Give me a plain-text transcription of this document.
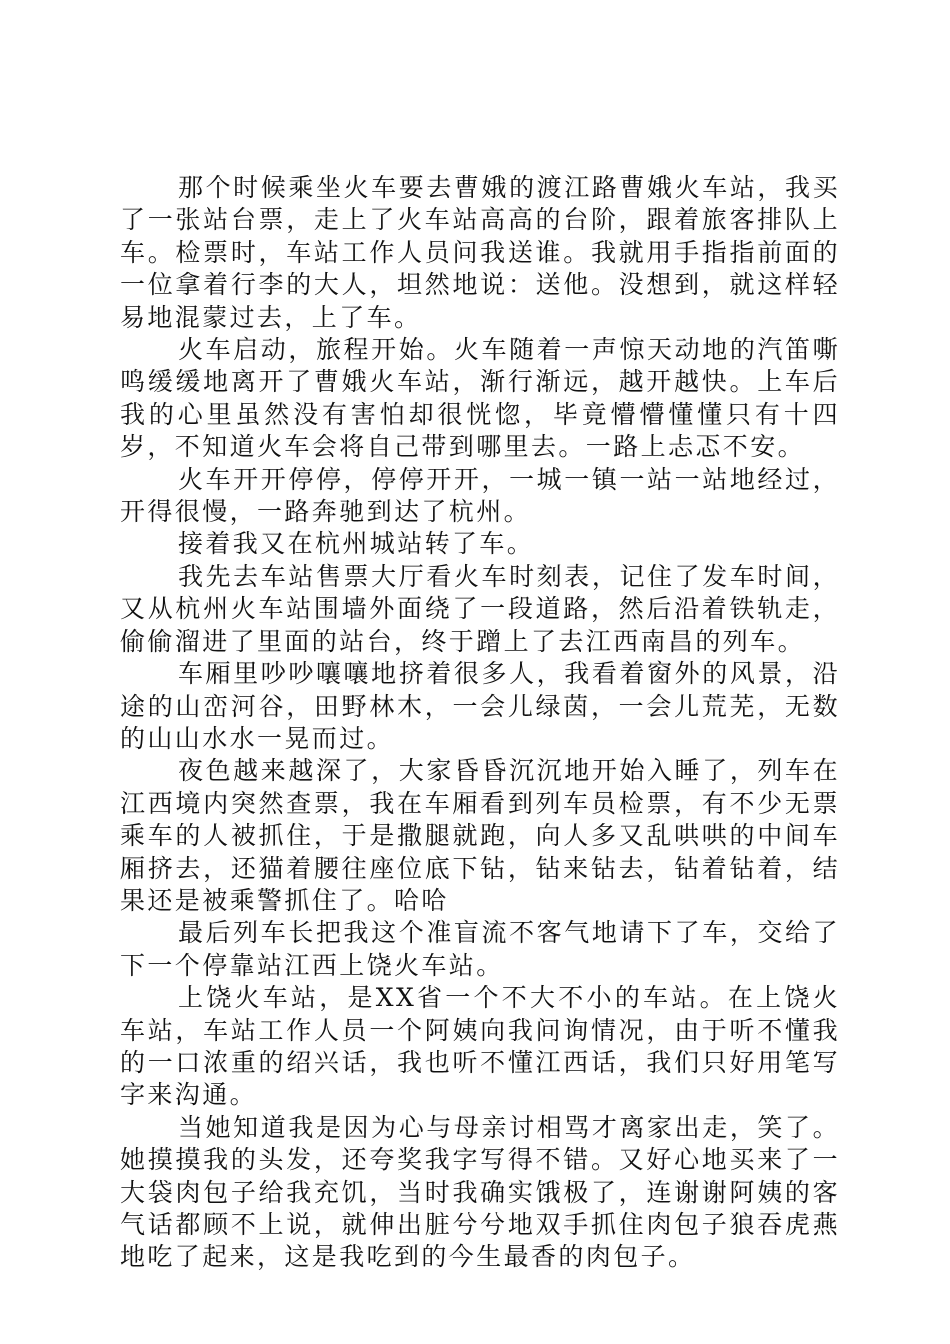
那个时候乘坐火车要去曹娥的渡江路曹娥火车站，我买了一张站台票，走上了火车站高高的台阶，跟着旅客排队上车。检票时，车站工作人员问我送谁。我就用手指指前面的一位拿着行李的大人，坦然地说：送他。没想到，就这样轻易地混蒙过去，上了车。

火车启动，旅程开始。火车随着一声惊天动地的汽笛嘶鸣缓缓地离开了曹娥火车站，渐行渐远，越开越快。上车后我的心里虽然没有害怕却很恍惚，毕竟懵懵懂懂只有十四岁，不知道火车会将自己带到哪里去。一路上忐忑不安。

火车开开停停，停停开开，一城一镇一站一站地经过，开得很慢，一路奔驰到达了杭州。

接着我又在杭州城站转了车。

我先去车站售票大厅看火车时刻表，记住了发车时间，又从杭州火车站围墙外面绕了一段道路，然后沿着铁轨走，偷偷溜进了里面的站台，终于蹭上了去江西南昌的列车。

车厢里吵吵嚷嚷地挤着很多人，我看着窗外的风景，沿途的山峦河谷，田野林木，一会儿绿茵，一会儿荒芜，无数的山山水水一晃而过。

夜色越来越深了，大家昏昏沉沉地开始入睡了，列车在江西境内突然查票，我在车厢看到列车员检票，有不少无票乘车的人被抓住，于是撒腿就跑，向人多又乱哄哄的中间车厢挤去，还猫着腰往座位底下钻，钻来钻去，钻着钻着，结果还是被乘警抓住了。哈哈

最后列车长把我这个准盲流不客气地请下了车，交给了下一个停靠站江西上饶火车站。

上饶火车站，是XX省一个不大不小的车站。在上饶火车站，车站工作人员一个阿姨向我问询情况，由于听不懂我的一口浓重的绍兴话，我也听不懂江西话，我们只好用笔写字来沟通。

当她知道我是因为心与母亲讨相骂才离家出走，笑了。她摸摸我的头发，还夸奖我字写得不错。又好心地买来了一大袋肉包子给我充饥，当时我确实饿极了，连谢谢阿姨的客气话都顾不上说，就伸出脏兮兮地双手抓住肉包子狼吞虎燕地吃了起来，这是我吃到的今生最香的肉包子。
